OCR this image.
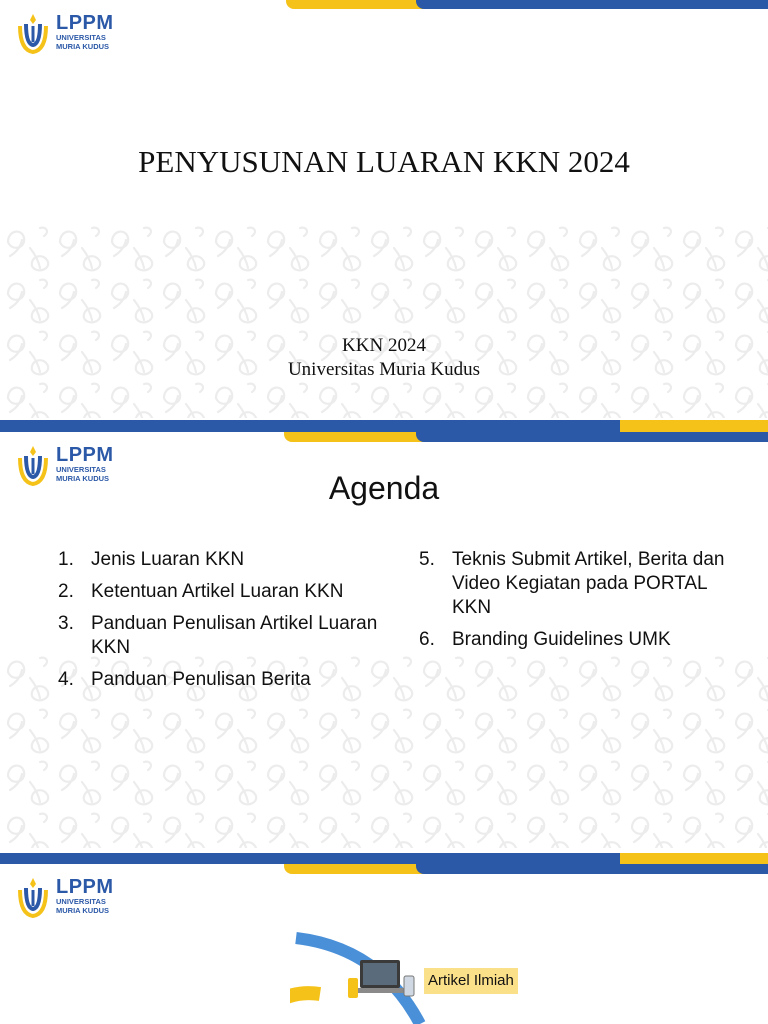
LPPM
UNIVERSITAS
MURIA KUDUS
PENYUSUNAN LUARAN KKN 2024
KKN 2024
Universitas Muria Kudus
LPPM
UNIVERSITAS
MURIA KUDUS	Agenda
1. Jenis Luaran KKN
2. Ketentuan Artikel Luaran KKN
3. Panduan Penulisan Artikel Luaran KKN
4. Panduan Penulisan Berita
5. Teknis Submit Artikel, Berita dan Video Kegiatan pada PORTAL KKN
6. Branding Guidelines UMK
LPPM
UNIVERSITAS
MURIA KUDUS
Artikel Ilmiah
